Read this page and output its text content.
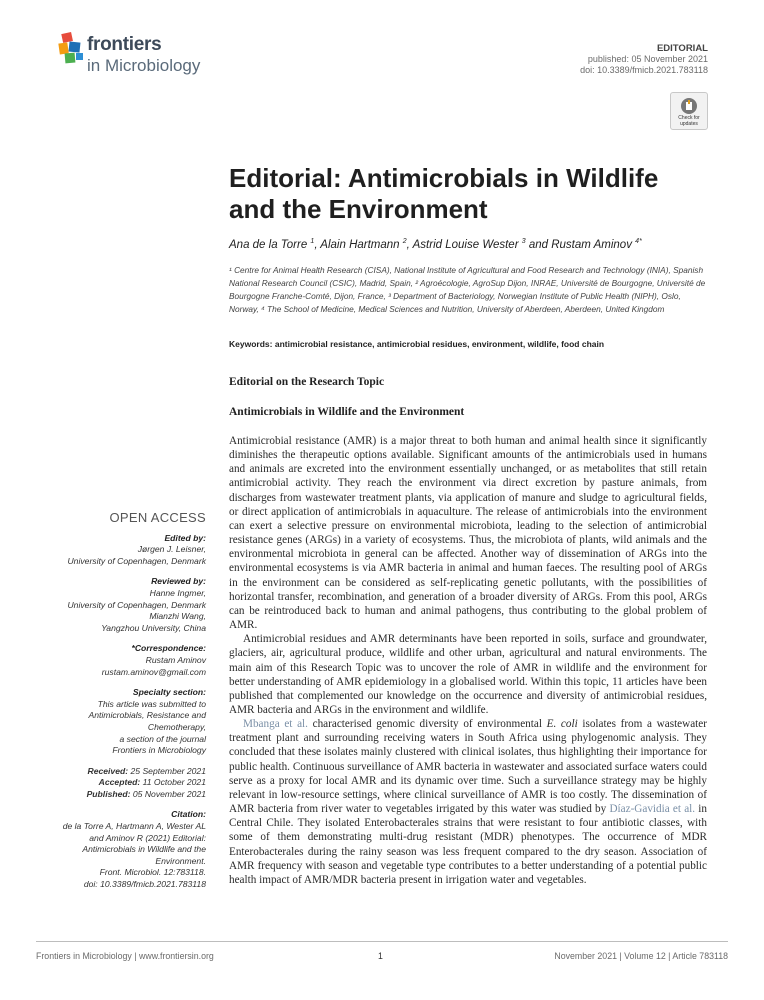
frontiers
in Microbiology
EDITORIAL
published: 05 November 2021
doi: 10.3389/fmicb.2021.783118
Check for updates
Editorial: Antimicrobials in Wildlife and the Environment
Ana de la Torre $^1$, Alain Hartmann $^2$, Astrid Louise Wester $^3$ and Rustam Aminov $^{4*}$
¹ Centre for Animal Health Research (CISA), National Institute of Agricultural and Food Research and Technology (INIA), Spanish National Research Council (CSIC), Madrid, Spain, ² Agroécologie, AgroSup Dijon, INRAE, Université de Bourgogne, Université de Bourgogne Franche-Comté, Dijon, France, ³ Department of Bacteriology, Norwegian Institute of Public Health (NIPH), Oslo, Norway, ⁴ The School of Medicine, Medical Sciences and Nutrition, University of Aberdeen, Aberdeen, United Kingdom
Keywords: antimicrobial resistance, antimicrobial residues, environment, wildlife, food chain
Editorial on the Research Topic
Antimicrobials in Wildlife and the Environment

Antimicrobial resistance (AMR) is a major threat to both human and animal health since it significantly diminishes the therapeutic options available. Significant amounts of the antimicrobials used in humans and animals are excreted into the environment essentially unchanged, or as metabolites that still retain antimicrobial activity. They reach the environment via direct excretion by pasture animals, from discharges from wastewater treatment plants, via application of manure and sludge to agricultural fields, or direct application of antimicrobials in aquaculture. The release of antimicrobials into the environment can exert a selective pressure on environmental microbiota, leading to the selection of antimicrobial resistance genes (ARGs) in a variety of ecosystems. Thus, the microbiota of plants, wild animals and the environmental microbiota in general can be affected. Another way of dissemination of ARGs into the environmental ecosystems is via AMR bacteria in animal and human faeces. The resulting pool of ARGs in the environment can be considered as self-replicating genetic pollutants, with the possibilities of horizontal transfer, recombination, and generation of a broader diversity of ARGs. From this pool, ARGs can be reintroduced back to human and animal pathogens, thus contributing to the global problem of AMR.

Antimicrobial residues and AMR determinants have been reported in soils, surface and groundwater, glaciers, air, agricultural produce, wildlife and other urban, agricultural and natural environments. The main aim of this Research Topic was to uncover the role of AMR in wildlife and the environment for better understanding of AMR epidemiology in a globalised world. Within this topic, 11 articles have been published that complemented our knowledge on the occurrence and diversity of antimicrobial residues, AMR bacteria and ARGs in the environment and wildlife.

Mbanga et al. characterised genomic diversity of environmental E. coli isolates from a wastewater treatment plant and surrounding receiving waters in South Africa using phylogenomic analysis. They concluded that these isolates mainly clustered with clinical isolates, thus highlighting their importance for public health. Continuous surveillance of AMR bacteria in wastewater and associated surface waters could serve as a proxy for local AMR and its dynamic over time. Such a surveillance strategy may be highly relevant in low-resource settings, where clinical surveillance of AMR is too costly. The dissemination of AMR bacteria from river water to vegetables irrigated by this water was studied by Díaz-Gavidia et al. in Central Chile. They isolated Enterobacterales strains that were resistant to four antibiotic classes, with some of them demonstrating multi-drug resistant (MDR) phenotypes. The occurrence of MDR Enterobacterales during the rainy season was less frequent compared to the dry season. Association of AMR frequency with season and vegetable type contributes to a better understanding of a potential public health impact of AMR/MDR bacteria present in irrigation water and vegetables.

OPEN ACCESS
Edited by:
Jørgen J. Leisner,
University of Copenhagen, Denmark
Reviewed by:
Hanne Ingmer,
University of Copenhagen, Denmark
Mianzhi Wang,
Yangzhou University, China
*Correspondence:
Rustam Aminov
rustam.aminov@gmail.com
Specialty section:
This article was submitted to
Antimicrobials, Resistance and
Chemotherapy,
a section of the journal
Frontiers in Microbiology
Received: 25 September 2021
Accepted: 11 October 2021
Published: 05 November 2021
Citation:
de la Torre A, Hartmann A, Wester AL
and Aminov R (2021) Editorial:
Antimicrobials in Wildlife and the
Environment.
Front. Microbiol. 12:783118.
doi: 10.3389/fmicb.2021.783118
Frontiers in Microbiology | www.frontiersin.org	1	November 2021 | Volume 12 | Article 783118
